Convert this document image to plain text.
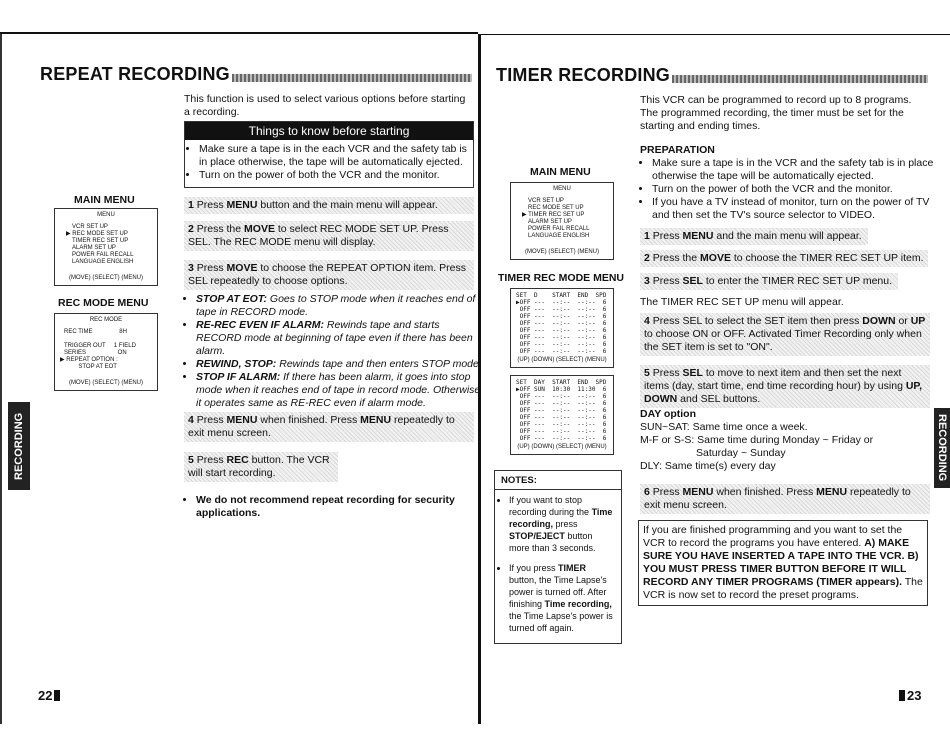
REPEAT RECORDING
This function is used to select various options before starting a recording.
Things to know before starting
• Make sure a tape is in the each VCR and the safety tab is in place otherwise, the tape will be automatically ejected.
• Turn on the power of both the VCR and the monitor.
MAIN MENU
MENU
VCR SET UP
▶ REC MODE SET UP
TIMER REC SET UP
ALARM SET UP
POWER FAIL RECALL
LANGUAGE ENGLISH
(MOVE) (SELECT) (MENU)
REC MODE MENU
REC MODE
REC TIME                8H
TRIGGER OUT     1 FIELD
SERIES                   ON
▶ REPEAT OPTION :
STOP AT EOT
(MOVE) (SELECT) (MENU)
1 Press MENU button and the main menu will appear.
2 Press the MOVE to select REC MODE SET UP. Press SEL. The REC MODE menu will display.
3 Press MOVE to choose the REPEAT OPTION item. Press SEL repeatedly to choose options.
• STOP AT EOT: Goes to STOP mode when it reaches end of tape in RECORD mode.
• RE-REC EVEN IF ALARM: Rewinds tape and starts RECORD mode at beginning of tape even if there has been alarm.
• REWIND, STOP: Rewinds tape and then enters STOP mode.
• STOP IF ALARM: If there has been alarm, it goes into stop mode when it reaches end of tape in record mode. Otherwise it operates same as RE-REC even if alarm mode.
4 Press MENU when finished. Press MENU repeatedly to exit menu screen.
5 Press REC button. The VCR will start recording.
• We do not recommend repeat recording for security applications.
RECORDING
22
TIMER RECORDING
This VCR can be programmed to record up to 8 programs. The programmed recording, the timer must be set for the starting and ending times.
PREPARATION
• Make sure a tape is in the VCR and the safety tab is in place otherwise the tape will be automatically ejected.
• Turn on the power of both the VCR and the monitor.
• If you have a TV instead of monitor, turn on the power of TV and then set the TV's source selector to VIDEO.
MAIN MENU
MENU
VCR SET UP
REC MODE SET UP
▶ TIMER REC SET UP
ALARM SET UP
POWER FAIL RECALL
LANGUAGE ENGLISH
(MOVE) (SELECT) (MENU)
TIMER REC MODE MENU
SET  D    START  END  SPD
▶OFF ---  --:--  --:--  6
OFF ---  --:--  --:--  6
OFF ---  --:--  --:--  6
OFF ---  --:--  --:--  6
OFF ---  --:--  --:--  6
OFF ---  --:--  --:--  6
OFF ---  --:--  --:--  6
OFF ---  --:--  --:--  6
(UP) (DOWN) (SELECT) (MENU)
SET  DAY  START  END  SPD
▶OFF SUN  10:30  11:30  6
OFF ---  --:--  --:--  6
OFF ---  --:--  --:--  6
OFF ---  --:--  --:--  6
OFF ---  --:--  --:--  6
OFF ---  --:--  --:--  6
OFF ---  --:--  --:--  6
OFF ---  --:--  --:--  6
(UP) (DOWN) (SELECT) (MENU)
1 Press MENU and the main menu will appear.
2 Press the MOVE to choose the TIMER REC SET UP item.
3 Press SEL to enter the TIMER REC SET UP menu.
The TIMER REC SET UP menu will appear.
4 Press SEL to select the SET item then press DOWN or UP to choose ON or OFF. Activated Timer Recording only when the SET item is set to "ON".
5 Press SEL to move to next item and then set the next items (day, start time, end time recording hour) by using UP, DOWN and SEL buttons.
DAY option
SUN~SAT: Same time once a week.
M-F or S-S: Same time during Monday ~ Friday or
Saturday ~ Sunday
DLY: Same time(s) every day
6 Press MENU when finished. Press MENU repeatedly to exit menu screen.
If you are finished programming and you want to set the VCR to record the programs you have entered. A) MAKE SURE YOU HAVE INSERTED A TAPE INTO THE VCR. B) YOU MUST PRESS TIMER BUTTON BEFORE IT WILL RECORD ANY TIMER PROGRAMS (TIMER appears). The VCR is now set to record the preset programs.
NOTES:
• If you want to stop recording during the Time recording, press STOP/EJECT button more than 3 seconds.
• If you press TIMER button, the Time Lapse's power is turned off. After finishing Time recording, the Time Lapse's power is turned off again.
RECORDING
23
